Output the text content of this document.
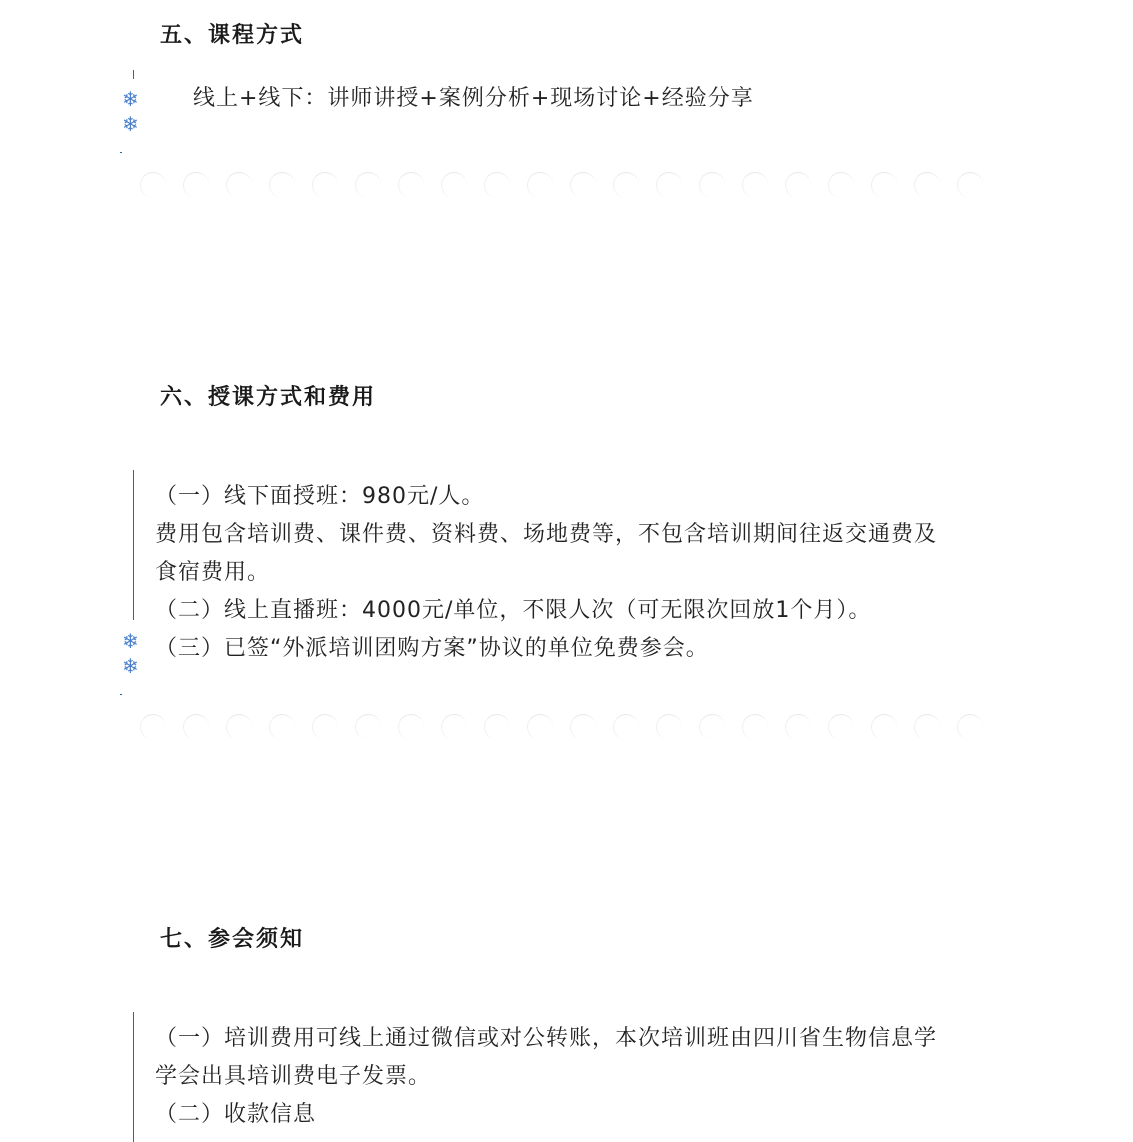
五、课程方式
❄
❄

线上+线下：讲师讲授+案例分析+现场讨论+经验分享

六、授课方式和费用
❄
❄

（一）线下面授班：980元/人。

费用包含培训费、课件费、资料费、场地费等，不包含培训期间往返交通费及

食宿费用。

（二）线上直播班：4000元/单位，不限人次（可无限次回放1个月）。

（三）已签“外派培训团购方案”协议的单位免费参会。

七、参会须知

（一）培训费用可线上通过微信或对公转账，本次培训班由四川省生物信息学

学会出具培训费电子发票。

（二）收款信息
